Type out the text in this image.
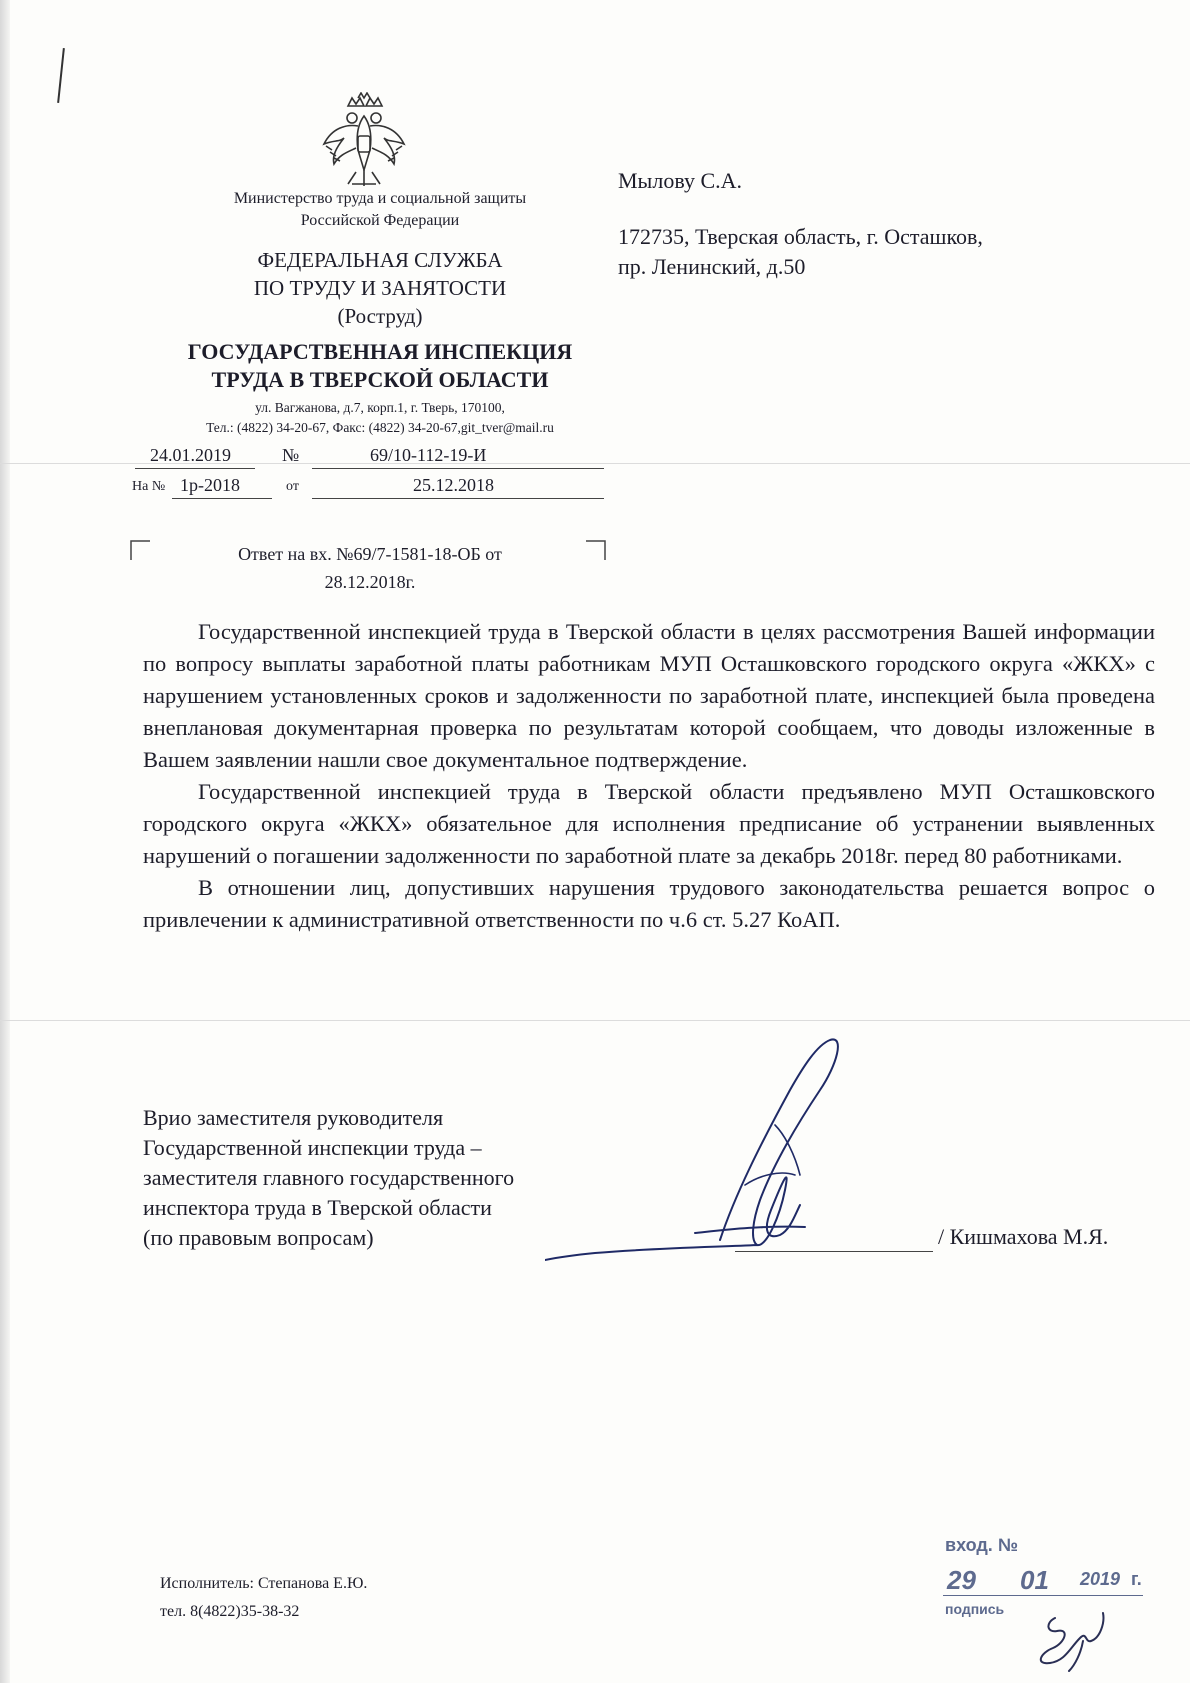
Министерство труда и социальной защиты
Российской Федерации
ФЕДЕРАЛЬНАЯ СЛУЖБА
ПО ТРУДУ И ЗАНЯТОСТИ
(Роструд)
ГОСУДАРСТВЕННАЯ ИНСПЕКЦИЯ
ТРУДА В ТВЕРСКОЙ ОБЛАСТИ
ул. Вагжанова, д.7, корп.1, г. Тверь, 170100,
Тел.: (4822) 34-20-67, Факс: (4822) 34-20-67,git_tver@mail.ru
24.01.2019	№	69/10-112-19-И
На № 1р-2018	от	25.12.2018
Ответ на вх. №69/7-1581-18-ОБ от
28.12.2018г.
Мылову С.А.
172735, Тверская область, г. Осташков,
пр. Ленинский, д.50

Государственной инспекцией труда в Тверской области в целях рассмотрения Вашей информации по вопросу выплаты заработной платы работникам МУП Осташковского городского округа «ЖКХ» с нарушением установленных сроков и задолженности по заработной плате, инспекцией была проведена внеплановая документарная проверка по результатам которой сообщаем, что доводы изложенные в Вашем заявлении нашли свое документальное подтверждение.

Государственной инспекцией труда в Тверской области предъявлено МУП Осташковского городского округа «ЖКХ» обязательное для исполнения предписание об устранении выявленных нарушений о погашении задолженности по заработной плате за декабрь 2018г. перед 80 работниками.

В отношении лиц, допустивших нарушения трудового законодательства решается вопрос о привлечении к административной ответственности по ч.6 ст. 5.27 КоАП.

Врио заместителя руководителя
Государственной инспекции труда –
заместителя главного государственного
инспектора труда в Тверской области
(по правовым вопросам)	/ Кишмахова М.Я.
Исполнитель: Степанова Е.Ю.
тел. 8(4822)35-38-32
вход. №
29 01 2019 г.
подпись
